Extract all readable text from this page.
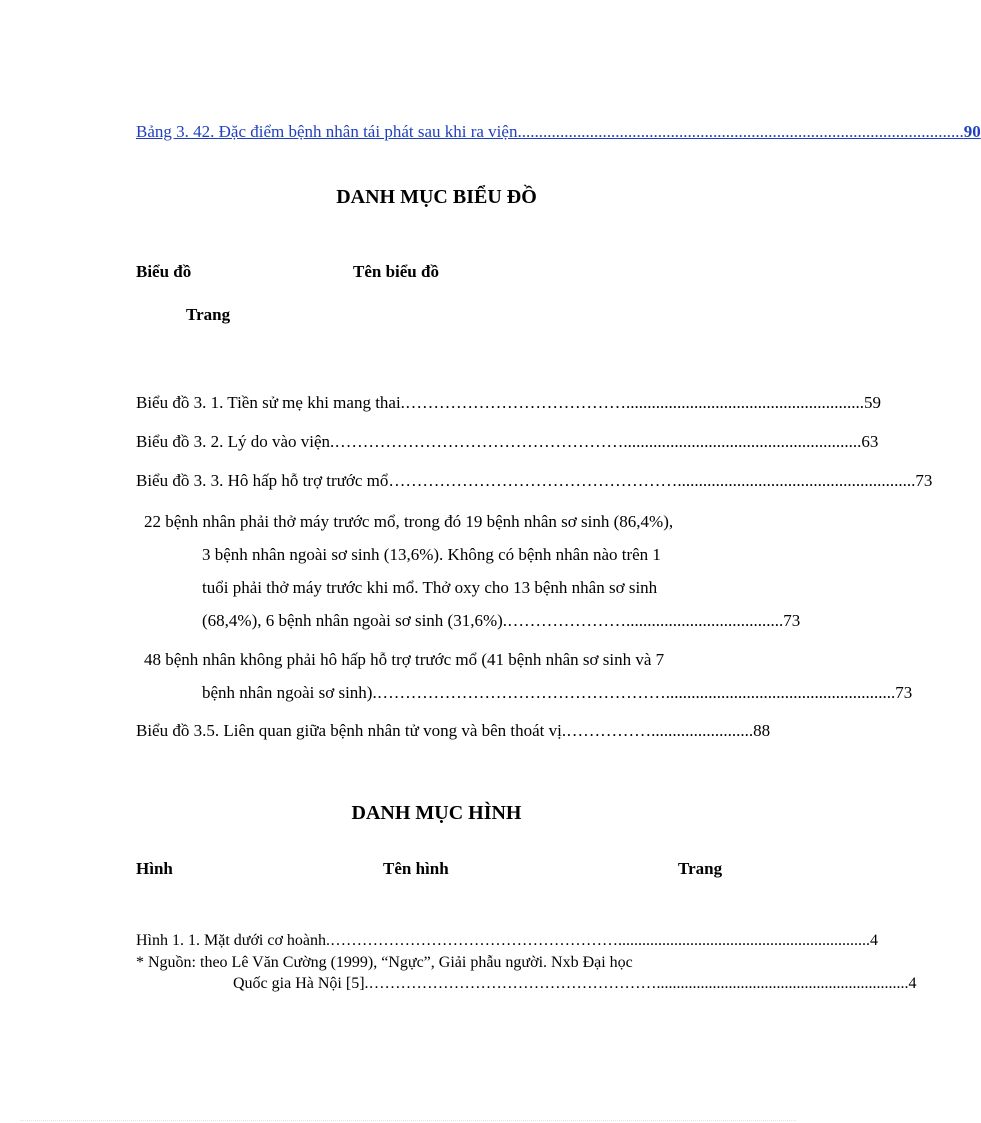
Bảng 3. 42. Đặc điểm bệnh nhân tái phát sau khi ra viện. ........................................................................................................ 90
DANH MỤC BIỂU ĐỒ
Biểu đồ	Tên biểu đồ
Trang
Biểu đồ 3. 1. Tiền sử mẹ khi mang thai. …………………………………........................................................ 59
Biểu đồ 3. 2. Lý do vào viện. ……………………………………………........................................................ 63
Biểu đồ 3. 3. Hô hấp hỗ trợ trước mổ ……………………………………………........................................................ 73
22 bệnh nhân phải thở máy trước mổ, trong đó 19 bệnh nhân sơ sinh (86,4%),
3 bệnh nhân ngoài sơ sinh (13,6%). Không có bệnh nhân nào trên 1
tuổi phải thở máy trước khi mổ. Thở oxy cho 13 bệnh nhân sơ sinh
(68,4%), 6 bệnh nhân ngoài sơ sinh (31,6%). …………………..................................... 73
48 bệnh nhân không phải hô hấp hỗ trợ trước mổ (41 bệnh nhân sơ sinh và 7
bệnh nhân ngoài sơ sinh). ……………………………………………...................................................... 73
Biểu đồ 3.5. Liên quan giữa bệnh nhân tử vong và bên thoát vị. ……………........................ 88
DANH MỤC HÌNH
Hình	Tên hình	Trang
Hình 1. 1. Mặt dưới cơ hoành. ………………………………………………............................................................... 4
* Nguồn: theo Lê Văn Cường (1999), “Ngực”, Giải phẫu người. Nxb Đại học
Quốc gia Hà Nội [5]. ………………………………………………............................................................... 4
